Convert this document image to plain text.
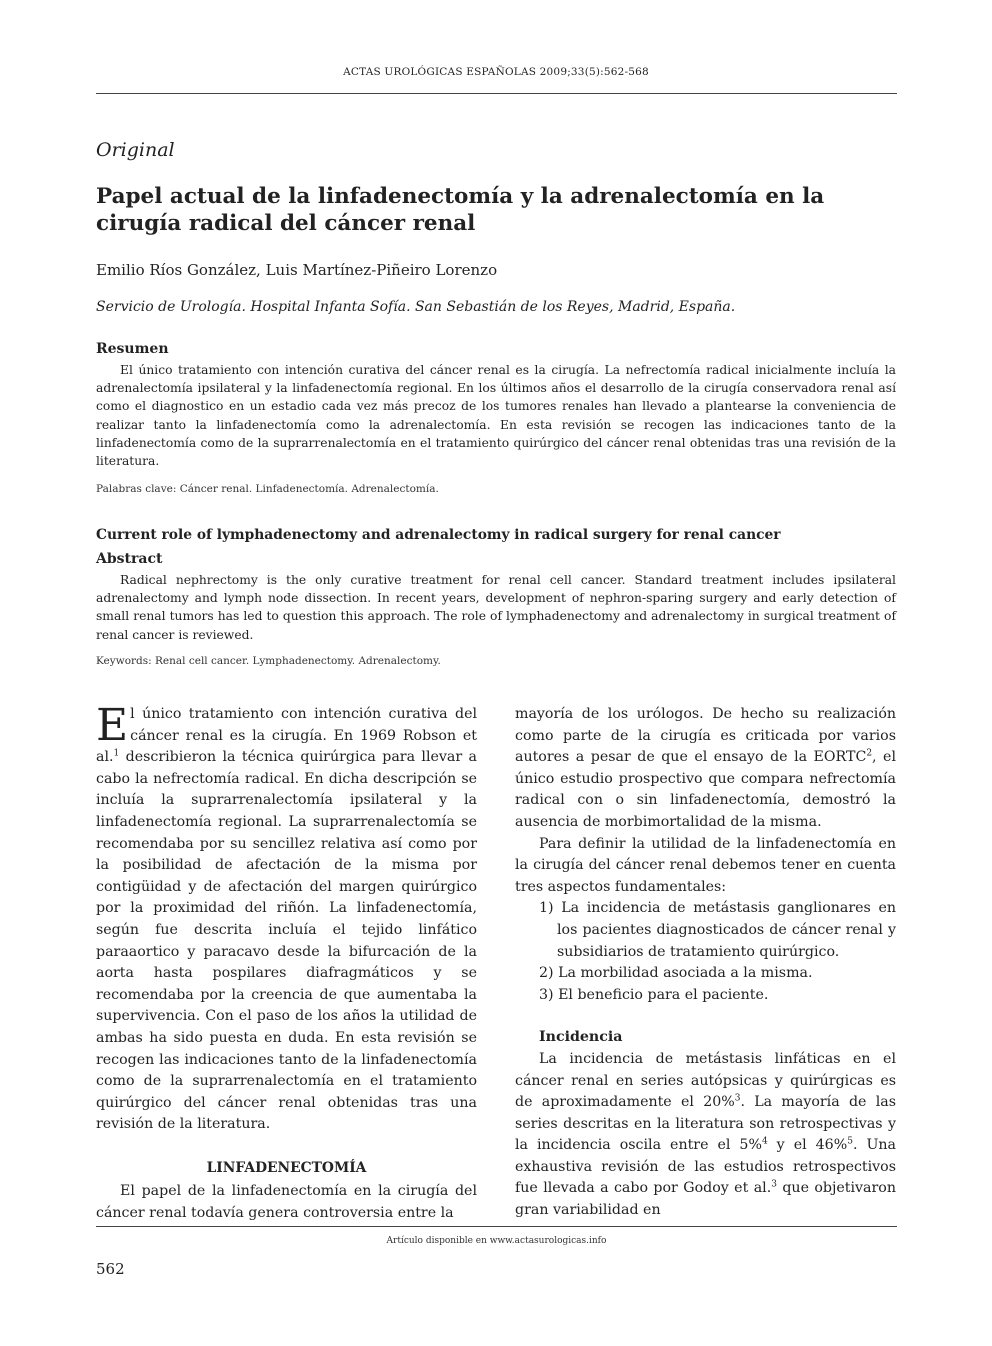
ACTAS UROLÓGICAS ESPAÑOLAS 2009;33(5):562-568
Original
Papel actual de la linfadenectomía y la adrenalectomía en la cirugía radical del cáncer renal
Emilio Ríos González, Luis Martínez-Piñeiro Lorenzo
Servicio de Urología. Hospital Infanta Sofía. San Sebastián de los Reyes, Madrid, España.
Resumen

El único tratamiento con intención curativa del cáncer renal es la cirugía. La nefrectomía radical inicialmente incluía la adrenalectomía ipsilateral y la linfadenectomía regional. En los últimos años el desarrollo de la cirugía conservadora renal así como el diagnostico en un estadio cada vez más precoz de los tumores renales han llevado a plantearse la conveniencia de realizar tanto la linfadenectomía como la adrenalectomía. En esta revisión se recogen las indicaciones tanto de la linfadenectomía como de la suprarrenalectomía en el tratamiento quirúrgico del cáncer renal obtenidas tras una revisión de la literatura.

Palabras clave: Cáncer renal. Linfadenectomía. Adrenalectomía.
Current role of lymphadenectomy and adrenalectomy in radical surgery for renal cancer
Abstract

Radical nephrectomy is the only curative treatment for renal cell cancer. Standard treatment includes ipsilateral adrenalectomy and lymph node dissection. In recent years, development of nephron-sparing surgery and early detection of small renal tumors has led to question this approach. The role of lymphadenectomy and adrenalectomy in surgical treatment of renal cancer is reviewed.

Keywords: Renal cell cancer. Lymphadenectomy. Adrenalectomy.

El único tratamiento con intención curativa del cáncer renal es la cirugía. En 1969 Robson et al.$^1$ describieron la técnica quirúrgica para llevar a cabo la nefrectomía radical. En dicha descripción se incluía la suprarrenalectomía ipsilateral y la linfadenectomía regional. La suprarrenalectomía se recomendaba por su sencillez relativa así como por la posibilidad de afectación de la misma por contigüidad y de afectación del margen quirúrgico por la proximidad del riñón. La linfadenectomía, según fue descrita incluía el tejido linfático paraaortico y paracavo desde la bifurcación de la aorta hasta pospilares diafragmáticos y se recomendaba por la creencia de que aumentaba la supervivencia. Con el paso de los años la utilidad de ambas ha sido puesta en duda. En esta revisión se recogen las indicaciones tanto de la linfadenectomía como de la suprarrenalectomía en el tratamiento quirúrgico del cáncer renal obtenidas tras una revisión de la literatura.

LINFADENECTOMÍA

El papel de la linfadenectomía en la cirugía del cáncer renal todavía genera controversia entre la

mayoría de los urólogos. De hecho su realización como parte de la cirugía es criticada por varios autores a pesar de que el ensayo de la EORTC$^2$, el único estudio prospectivo que compara nefrectomía radical con o sin linfadenectomía, demostró la ausencia de morbimortalidad de la misma.

Para definir la utilidad de la linfadenectomía en la cirugía del cáncer renal debemos tener en cuenta tres aspectos fundamentales:

1) La incidencia de metástasis ganglionares en los pacientes diagnosticados de cáncer renal y subsidiarios de tratamiento quirúrgico.
2) La morbilidad asociada a la misma.
3) El beneficio para el paciente.
Incidencia

La incidencia de metástasis linfáticas en el cáncer renal en series autópsicas y quirúrgicas es de aproximadamente el 20%$^3$. La mayoría de las series descritas en la literatura son retrospectivas y la incidencia oscila entre el 5%$^4$ y el 46%$^5$. Una exhaustiva revisión de las estudios retrospectivos fue llevada a cabo por Godoy et al.$^3$ que objetivaron gran variabilidad en

Artículo disponible en www.actasurologicas.info
562
